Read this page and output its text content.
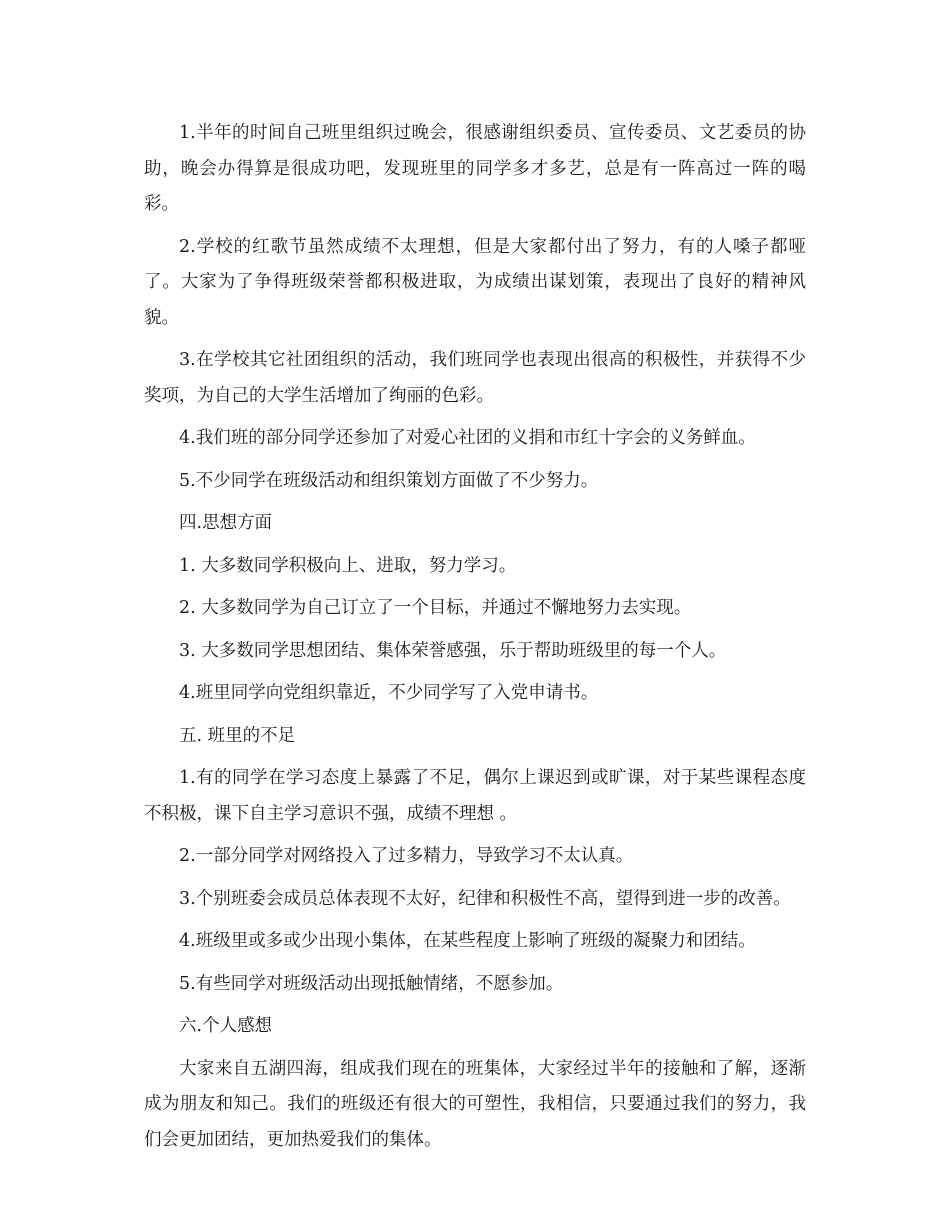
1.半年的时间自己班里组织过晚会，很感谢组织委员、宣传委员、文艺委员的协助，晚会办得算是很成功吧，发现班里的同学多才多艺，总是有一阵高过一阵的喝彩。

2.学校的红歌节虽然成绩不太理想，但是大家都付出了努力，有的人嗓子都哑了。大家为了争得班级荣誉都积极进取，为成绩出谋划策，表现出了良好的精神风貌。

3.在学校其它社团组织的活动，我们班同学也表现出很高的积极性，并获得不少奖项，为自己的大学生活增加了绚丽的色彩。

4.我们班的部分同学还参加了对爱心社团的义捐和市红十字会的义务鲜血。

5.不少同学在班级活动和组织策划方面做了不少努力。

四.思想方面

1. 大多数同学积极向上、进取，努力学习。

2. 大多数同学为自己订立了一个目标，并通过不懈地努力去实现。

3. 大多数同学思想团结、集体荣誉感强，乐于帮助班级里的每一个人。

4.班里同学向党组织靠近，不少同学写了入党申请书。

五. 班里的不足

1.有的同学在学习态度上暴露了不足，偶尔上课迟到或旷课，对于某些课程态度不积极，课下自主学习意识不强，成绩不理想 。

2.一部分同学对网络投入了过多精力，导致学习不太认真。

3.个别班委会成员总体表现不太好，纪律和积极性不高，望得到进一步的改善。

4.班级里或多或少出现小集体，在某些程度上影响了班级的凝聚力和团结。

5.有些同学对班级活动出现抵触情绪，不愿参加。

六.个人感想

大家来自五湖四海，组成我们现在的班集体，大家经过半年的接触和了解，逐渐成为朋友和知己。我们的班级还有很大的可塑性，我相信，只要通过我们的努力，我们会更加团结，更加热爱我们的集体。
